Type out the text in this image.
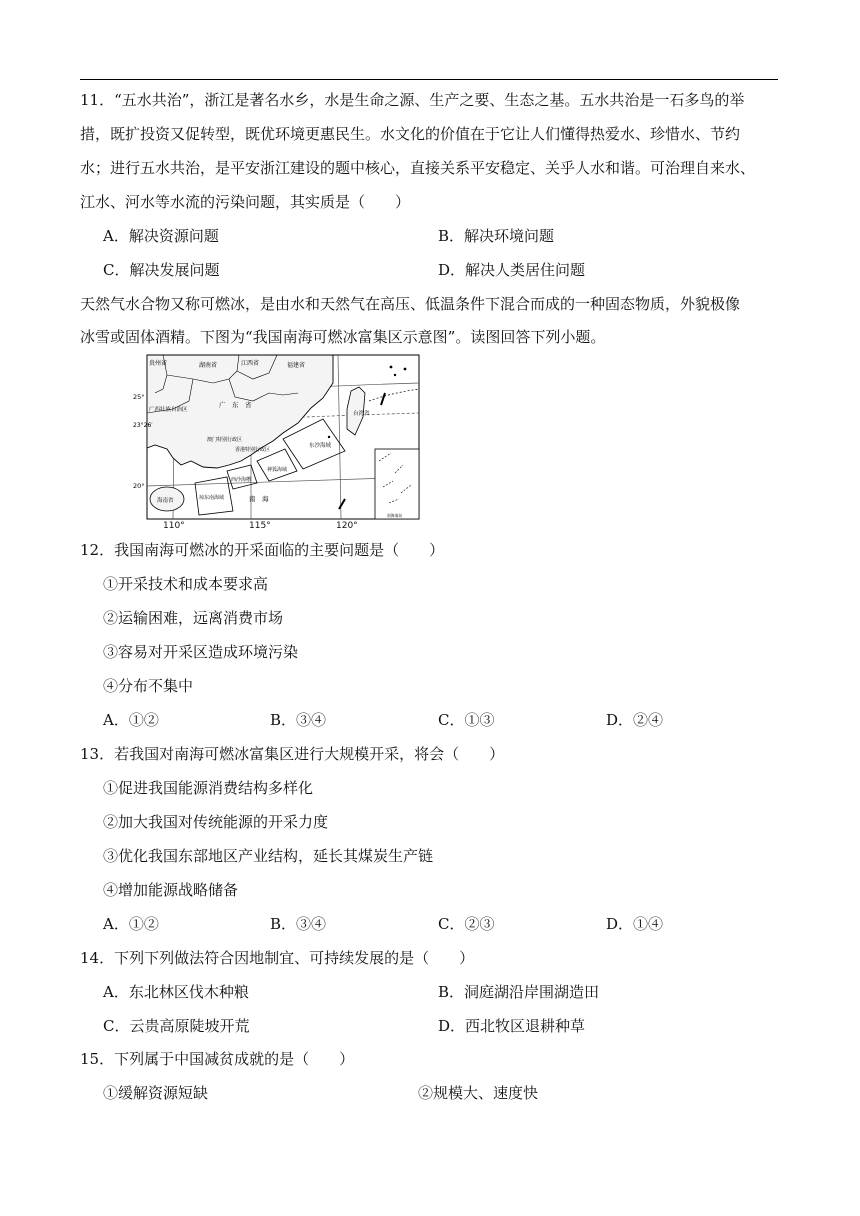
11．“五水共治”，浙江是著名水乡，水是生命之源、生产之要、生态之基。五水共治是一石多鸟的举
措，既扩投资又促转型，既优环境更惠民生。水文化的价值在于它让人们懂得热爱水、珍惜水、节约
水；进行五水共治，是平安浙江建设的题中核心，直接关系平安稳定、关乎人水和谐。可治理自来水、
江水、河水等水流的污染问题，其实质是（　　）
A．解决资源问题	B．解决环境问题
C．解决发展问题	D．解决人类居住问题
天然气水合物又称可燃冰，是由水和天然气在高压、低温条件下混合而成的一种固态物质，外貌极像
冰雪或固体酒精。下图为“我国南海可燃冰富集区示意图”。读图回答下列小题。
南海诸岛
贵州省	湖南省	江西省	福建省
广西壮族自治区
广　东　省
台湾省
澳门特别行政区
香港特别行政区
海南省
东沙海域
神狐海域
西沙海槽
琼东南海域	南　海
25°
23°26′
20°
110°	115°	120°
12．我国南海可燃冰的开采面临的主要问题是（　　）
①开采技术和成本要求高
②运输困难，远离消费市场
③容易对开采区造成环境污染
④分布不集中
A．①②	B．③④	C．①③	D．②④
13．若我国对南海可燃冰富集区进行大规模开采，将会（　　）
①促进我国能源消费结构多样化
②加大我国对传统能源的开采力度
③优化我国东部地区产业结构，延长其煤炭生产链
④增加能源战略储备
A．①②	B．③④	C．②③	D．①④
14．下列下列做法符合因地制宜、可持续发展的是（　　）
A．东北林区伐木种粮	B．洞庭湖沿岸围湖造田
C．云贵高原陡坡开荒	D．西北牧区退耕种草
15．下列属于中国减贫成就的是（　　）
①缓解资源短缺	②规模大、速度快
